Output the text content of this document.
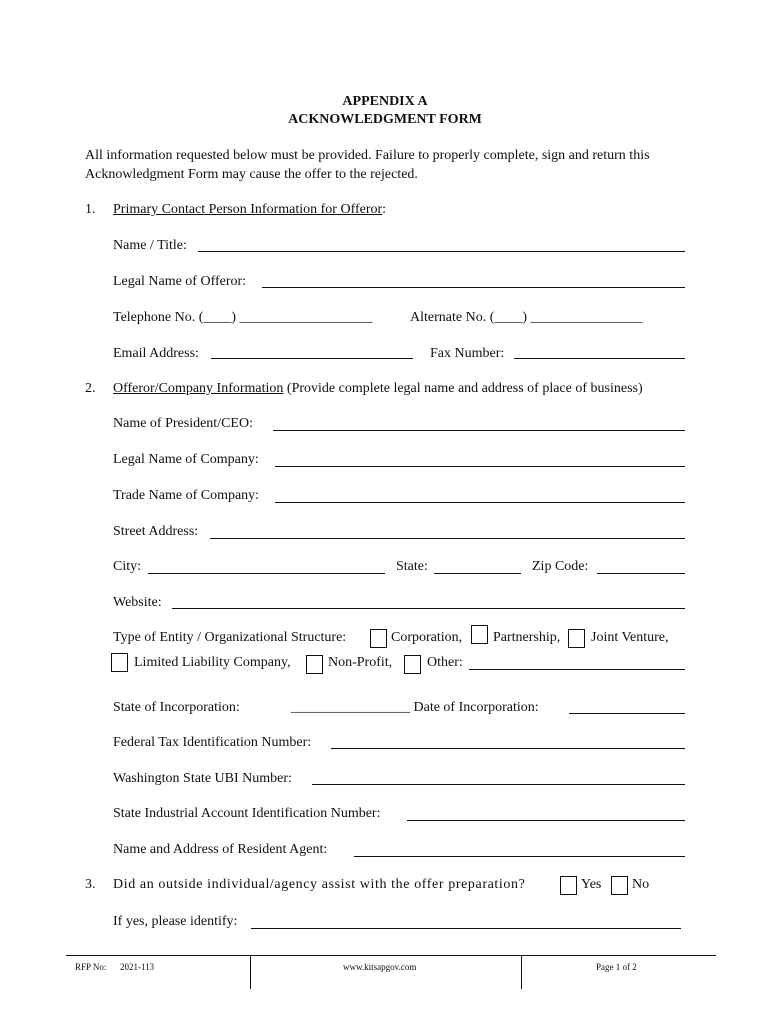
APPENDIX A
ACKNOWLEDGMENT FORM
All information requested below must be provided. Failure to properly complete, sign and return this
Acknowledgment Form may cause the offer to the rejected.
1. Primary Contact Person Information for Offeror:
Name / Title:
Legal Name of Offeror:
Telephone No. (____) ___________________	Alternate No. (____) ________________
Email Address:	Fax Number:
2. Offeror/Company Information (Provide complete legal name and address of place of business)
Name of President/CEO:
Legal Name of Company:
Trade Name of Company:
Street Address:
City:	State:	Zip Code:
Website:
Type of Entity / Organizational Structure:	Corporation, Partnership, Joint Venture,
Limited Liability Company,	Non-Profit, Other:
State of Incorporation:	_________________ Date of Incorporation:
Federal Tax Identification Number:
Washington State UBI Number:
State Industrial Account Identification Number:
Name and Address of Resident Agent:
3. Did an outside individual/agency assist with the offer preparation?	Yes No
If yes, please identify:
RFP No: 2021-113	www.kitsapgov.com	Page 1 of 2
